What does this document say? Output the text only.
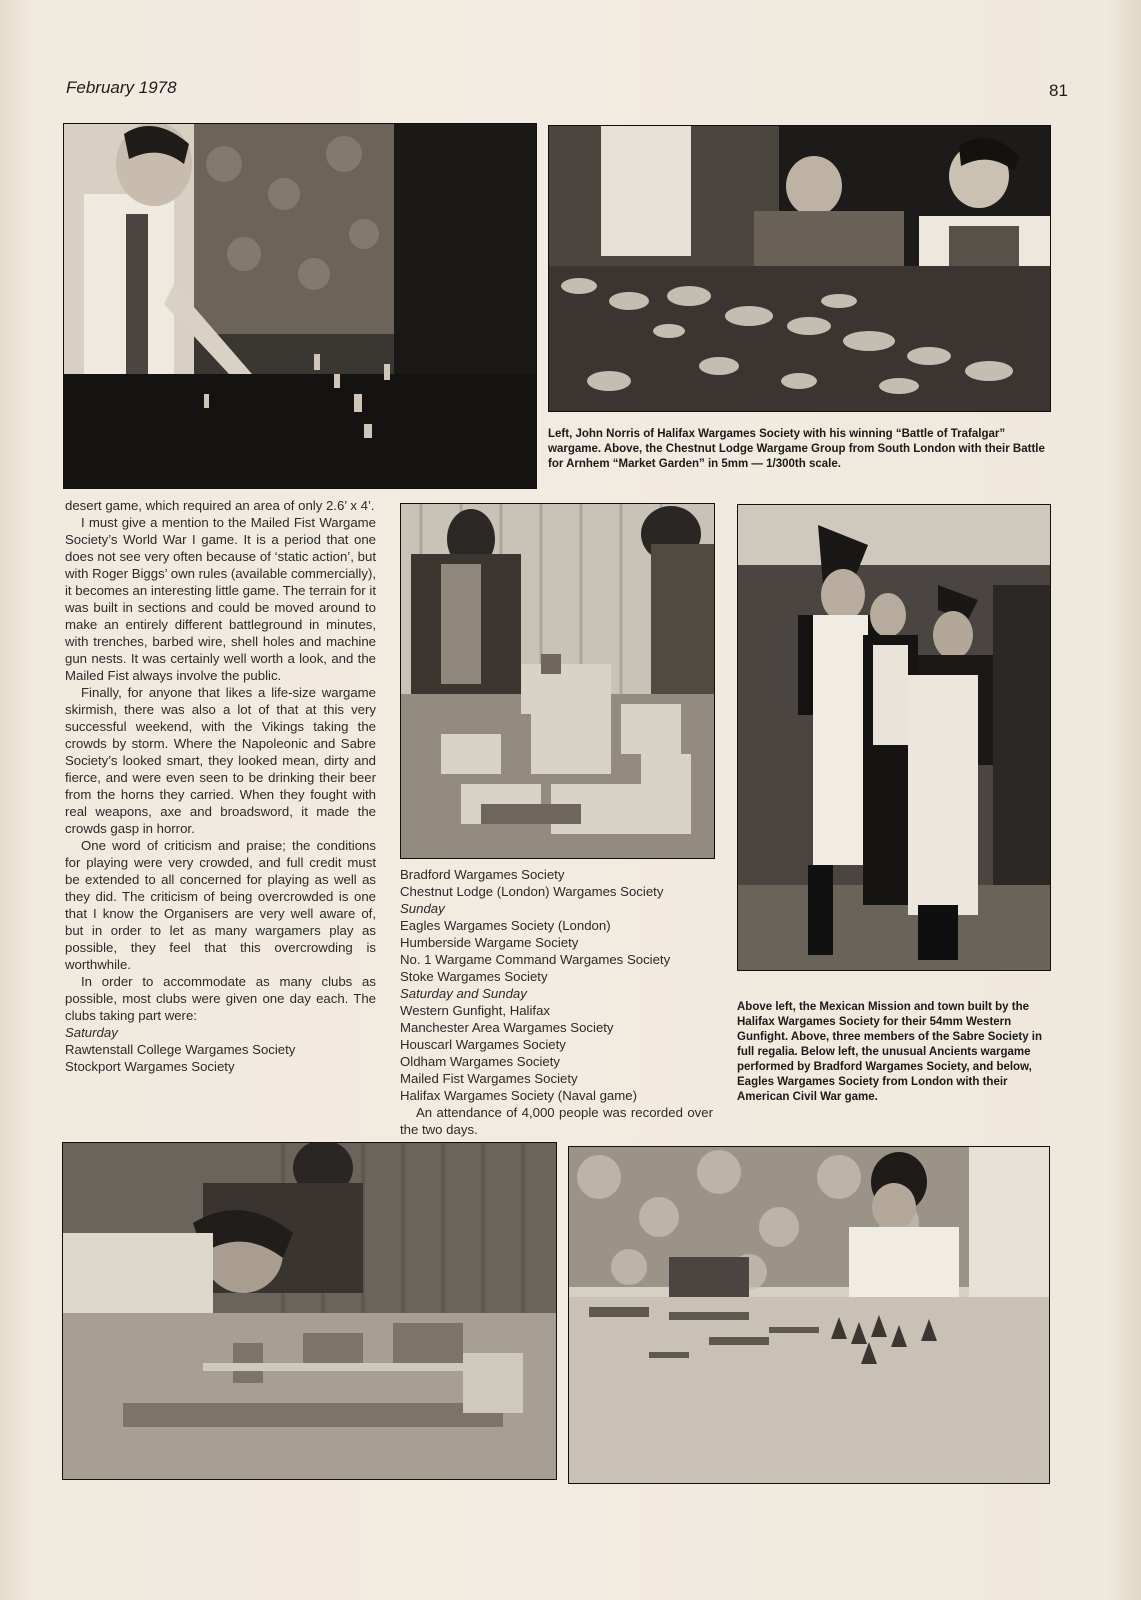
February 1978	81
Left, John Norris of Halifax Wargames Society with his winning “Battle of Trafalgar” wargame. Above, the Chestnut Lodge Wargame Group from South London with their Battle for Arnhem “Market Garden” in 5mm — 1/300th scale.

desert game, which required an area of only 2.6’ x 4’.

I must give a mention to the Mailed Fist Wargame Society’s World War I game. It is a period that one does not see very often because of ‘static action’, but with Roger Biggs’ own rules (available commercially), it becomes an interesting little game. The terrain for it was built in sections and could be moved around to make an entirely different battleground in minutes, with trenches, barbed wire, shell holes and machine gun nests. It was certainly well worth a look, and the Mailed Fist always involve the public.

Finally, for anyone that likes a life-size wargame skirmish, there was also a lot of that at this very successful weekend, with the Vikings taking the crowds by storm. Where the Napoleonic and Sabre Society’s looked smart, they looked mean, dirty and fierce, and were even seen to be drinking their beer from the horns they carried. When they fought with real weapons, axe and broadsword, it made the crowds gasp in horror.

One word of criticism and praise; the conditions for playing were very crowded, and full credit must be extended to all concerned for playing as well as they did. The criticism of being overcrowded is one that I know the Organisers are very well aware of, but in order to let as many wargamers play as possible, they feel that this overcrowding is worthwhile.

In order to accommodate as many clubs as possible, most clubs were given one day each. The clubs taking part were:

Saturday
Rawtenstall College Wargames Society
Stockport Wargames Society
Bradford Wargames Society
Chestnut Lodge (London) Wargames Society
Sunday
Eagles Wargames Society (London)
Humberside Wargame Society
No. 1 Wargame Command Wargames Society
Stoke Wargames Society
Saturday and Sunday
Western Gunfight, Halifax
Manchester Area Wargames Society
Houscarl Wargames Society
Oldham Wargames Society
Mailed Fist Wargames Society
Halifax Wargames Society (Naval game)

An attendance of 4,000 people was recorded over the two days.

Above left, the Mexican Mission and town built by the Halifax Wargames Society for their 54mm Western Gunfight. Above, three members of the Sabre Society in full regalia. Below left, the unusual Ancients wargame performed by Bradford Wargames Society, and below, Eagles Wargames Society from London with their American Civil War game.
